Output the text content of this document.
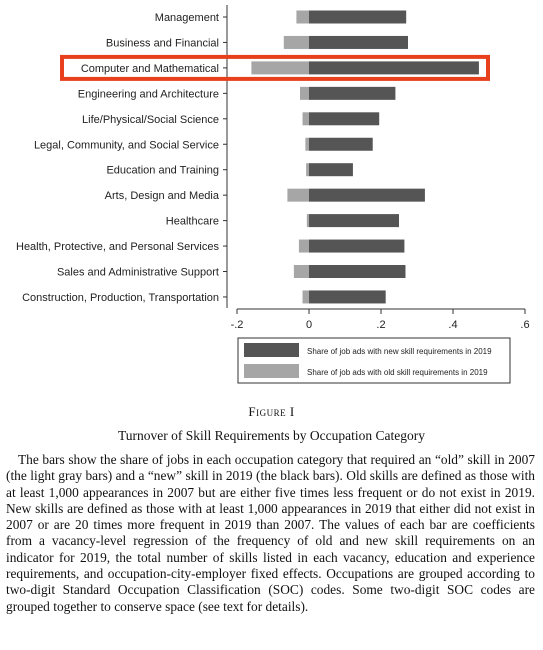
Management
Business and Financial
Computer and Mathematical
Engineering and Architecture
Life/Physical/Social Science
Legal, Community, and Social Service
Education and Training
Arts, Design and Media
Healthcare
Health, Protective, and Personal Services
Sales and Administrative Support
Construction, Production, Transportation
-.2	0	.2	.4	.6
Share of job ads with new skill requirements in 2019
Share of job ads with old skill requirements in 2019

Figure I

Turnover of Skill Requirements by Occupation Category

The bars show the share of jobs in each occupation category that required an “old” skill in 2007 (the light gray bars) and a “new” skill in 2019 (the black bars). Old skills are defined as those with at least 1,000 appearances in 2007 but are either five times less frequent or do not exist in 2019. New skills are defined as those with at least 1,000 appearances in 2019 that either did not exist in 2007 or are 20 times more frequent in 2019 than 2007. The values of each bar are coefficients from a vacancy-level regression of the frequency of old and new skill requirements on an indicator for 2019, the total number of skills listed in each vacancy, education and experience requirements, and occupation-city-employer fixed effects. Occupations are grouped according to two-digit Standard Occupation Classification (SOC) codes. Some two-digit SOC codes are grouped together to conserve space (see text for details).
